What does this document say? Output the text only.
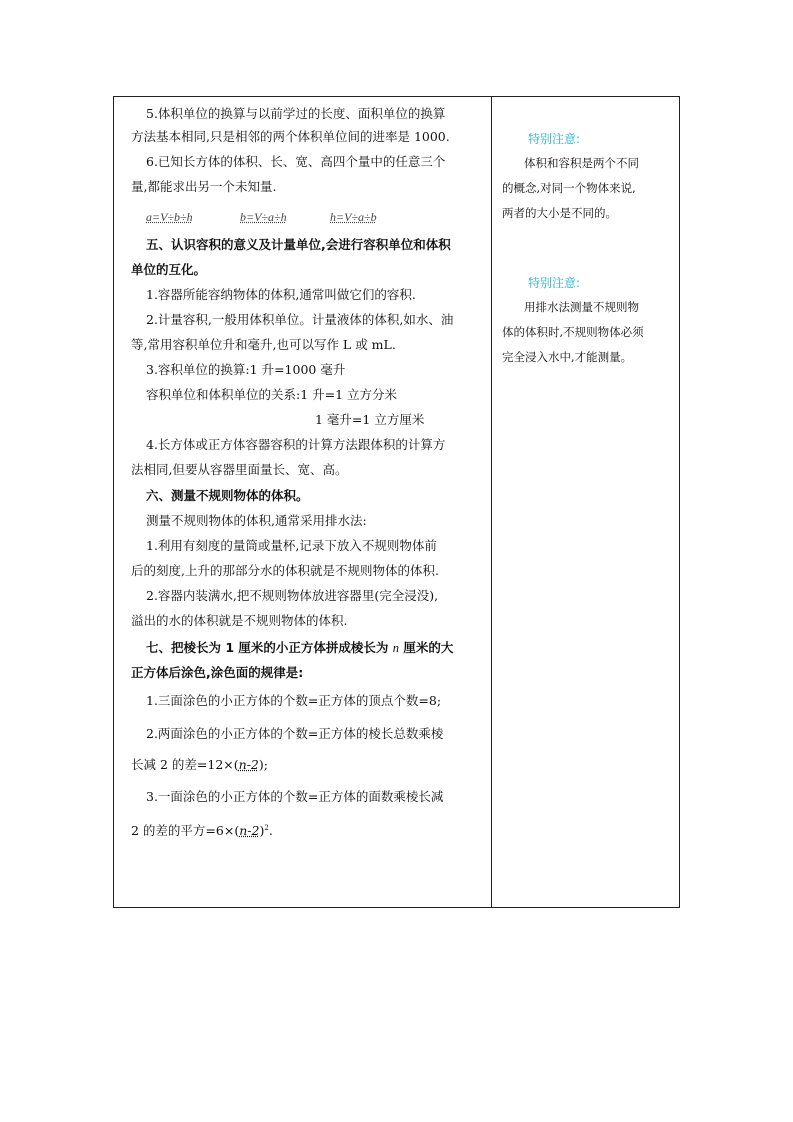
5.体积单位的换算与以前学过的长度、面积单位的换算
方法基本相同,只是相邻的两个体积单位间的进率是 1000.
6.已知长方体的体积、长、宽、高四个量中的任意三个
量,都能求出另一个未知量.
a=V÷b÷h	b=V÷a÷h	h=V÷a÷b
五、认识容积的意义及计量单位,会进行容积单位和体积
单位的互化。
1.容器所能容纳物体的体积,通常叫做它们的容积.
2.计量容积,一般用体积单位。计量液体的体积,如水、油
等,常用容积单位升和毫升,也可以写作 L 或 mL.
3.容积单位的换算:1 升=1000 毫升
容积单位和体积单位的关系:1 升=1 立方分米
1 毫升=1 立方厘米
4.长方体或正方体容器容积的计算方法跟体积的计算方
法相同,但要从容器里面量长、宽、高。
六、测量不规则物体的体积。
测量不规则物体的体积,通常采用排水法:
1.利用有刻度的量筒或量杯,记录下放入不规则物体前
后的刻度,上升的那部分水的体积就是不规则物体的体积.
2.容器内装满水,把不规则物体放进容器里(完全浸没),
溢出的水的体积就是不规则物体的体积.
七、把棱长为 1 厘米的小正方体拼成棱长为 n 厘米的大
正方体后涂色,涂色面的规律是:
1.三面涂色的小正方体的个数=正方体的顶点个数=8;
2.两面涂色的小正方体的个数=正方体的棱长总数乘棱
长减 2 的差=12×(n-2);
3.一面涂色的小正方体的个数=正方体的面数乘棱长减
2 的差的平方$=6\times(n-2)^2$.
特别注意:
体积和容积是两个不同
的概念,对同一个物体来说,
两者的大小是不同的。
特别注意:
用排水法测量不规则物
体的体积时,不规则物体必须
完全浸入水中,才能测量。
